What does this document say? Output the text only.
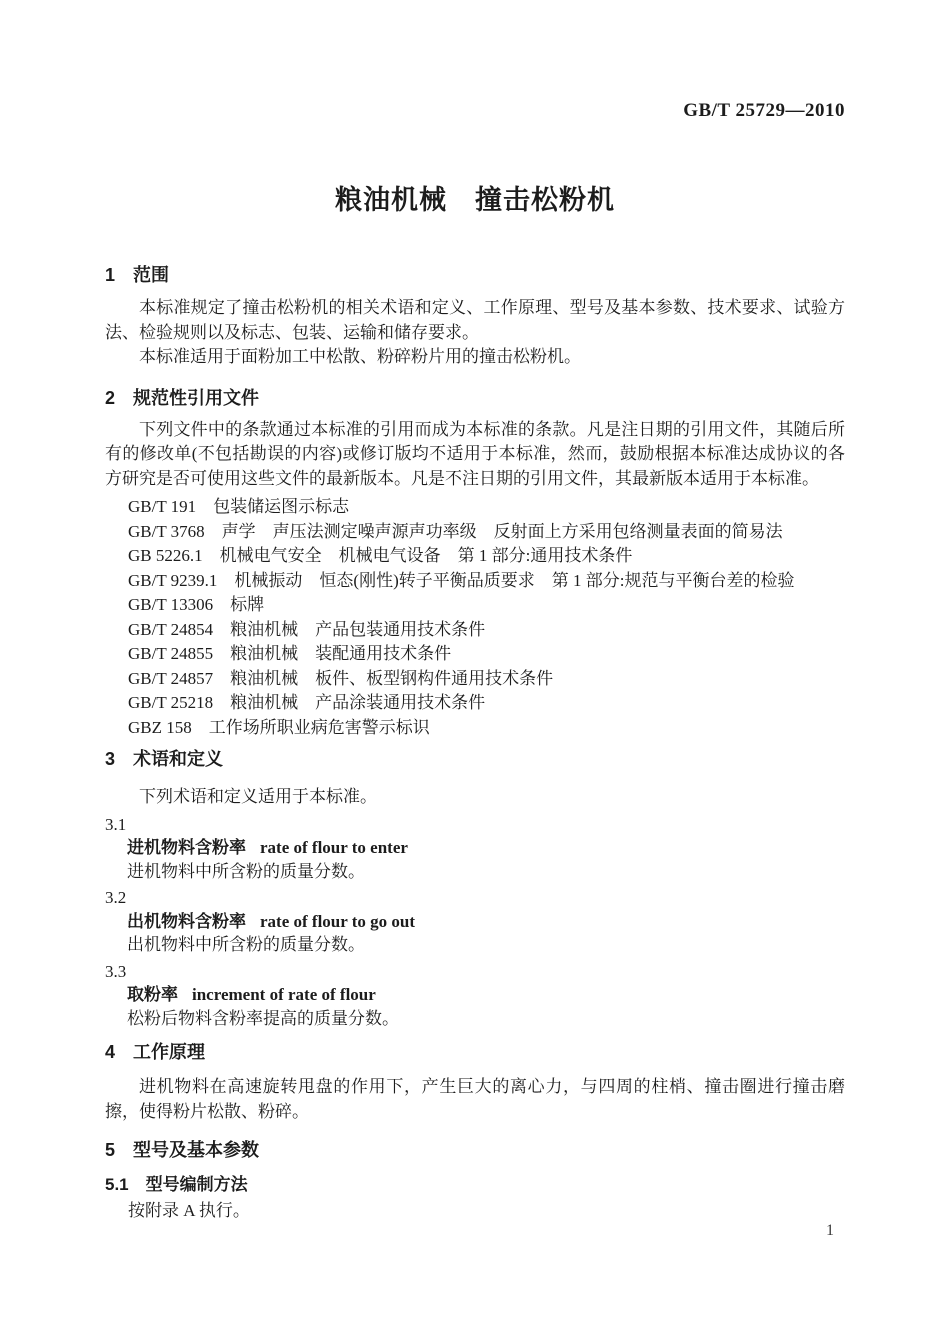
GB/T 25729—2010
粮油机械　撞击松粉机
1　范围

本标准规定了撞击松粉机的相关术语和定义、工作原理、型号及基本参数、技术要求、试验方法、检验规则以及标志、包装、运输和储存要求。

本标准适用于面粉加工中松散、粉碎粉片用的撞击松粉机。

2　规范性引用文件

下列文件中的条款通过本标准的引用而成为本标准的条款。凡是注日期的引用文件，其随后所有的修改单(不包括勘误的内容)或修订版均不适用于本标准，然而，鼓励根据本标准达成协议的各方研究是否可使用这些文件的最新版本。凡是不注日期的引用文件，其最新版本适用于本标准。

GB/T 191　包装储运图示标志
GB/T 3768　声学　声压法测定噪声源声功率级　反射面上方采用包络测量表面的简易法
GB 5226.1　机械电气安全　机械电气设备　第 1 部分:通用技术条件
GB/T 9239.1　机械振动　恒态(刚性)转子平衡品质要求　第 1 部分:规范与平衡台差的检验
GB/T 13306　标牌
GB/T 24854　粮油机械　产品包装通用技术条件
GB/T 24855　粮油机械　装配通用技术条件
GB/T 24857　粮油机械　板件、板型钢构件通用技术条件
GB/T 25218　粮油机械　产品涂装通用技术条件
GBZ 158　工作场所职业病危害警示标识
3　术语和定义

下列术语和定义适用于本标准。

3.1
进机物料含粉率 rate of flour to enter
进机物料中所含粉的质量分数。
3.2
出机物料含粉率 rate of flour to go out
出机物料中所含粉的质量分数。
3.3
取粉率 increment of rate of flour
松粉后物料含粉率提高的质量分数。
4　工作原理

进机物料在高速旋转甩盘的作用下，产生巨大的离心力，与四周的柱梢、撞击圈进行撞击磨擦，使得粉片松散、粉碎。

5　型号及基本参数
5.1　型号编制方法

按附录 A 执行。

1
